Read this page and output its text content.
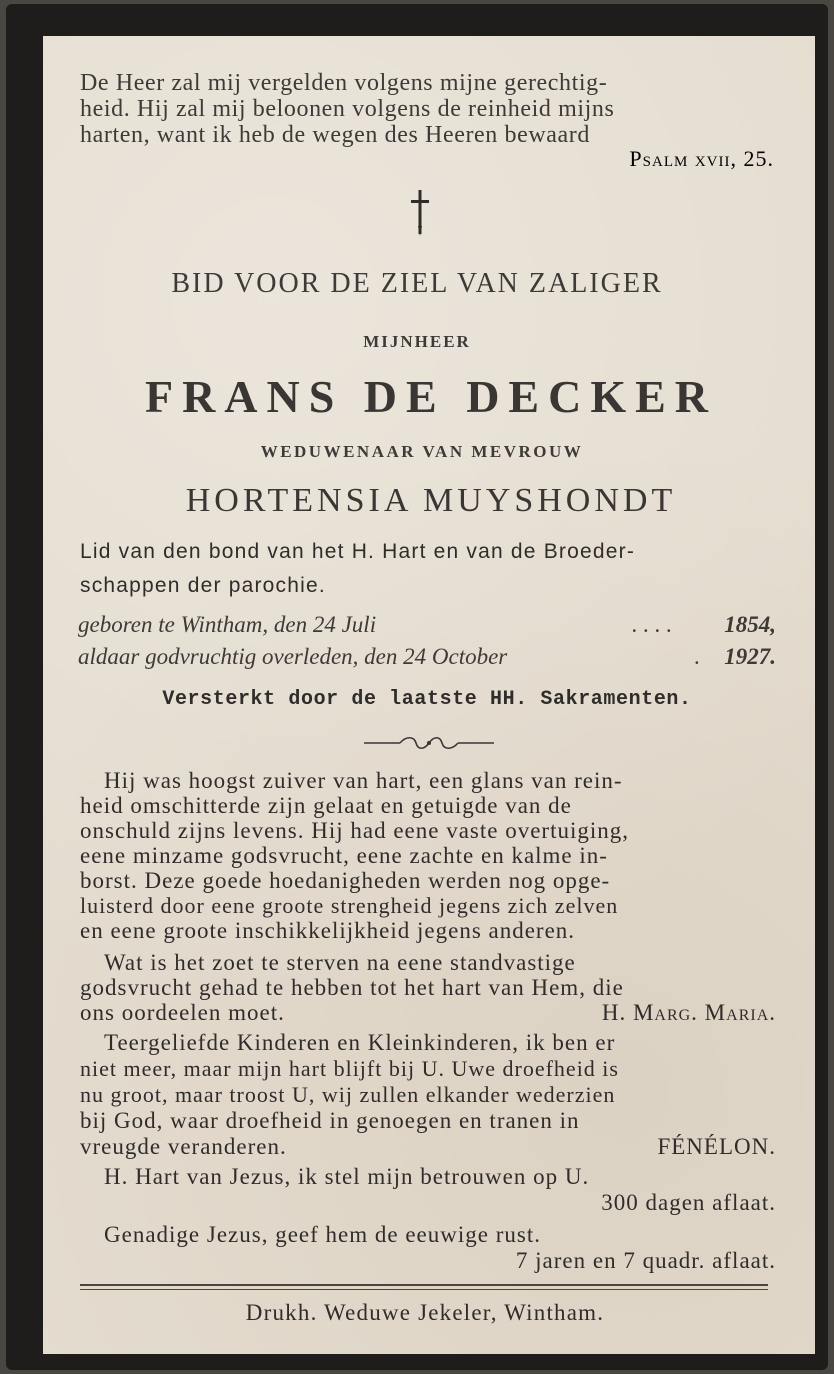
De Heer zal mij vergelden volgens mijne gerechtig-
heid. Hij zal mij beloonen volgens de reinheid mijns
harten, want ik heb de wegen des Heeren bewaard
Psalm xvii, 25.
BID VOOR DE ZIEL VAN ZALIGER
MIJNHEER
FRANS DE DECKER
WEDUWENAAR VAN MEVROUW
HORTENSIA MUYSHONDT
Lid van den bond van het H. Hart en van de Broeder-
schappen der parochie.
geboren te Wintham, den 24 Juli	. . . . 1854,
aldaar godvruchtig overleden, den 24 October	. 1927.
Versterkt door de laatste HH. Sakramenten.
Hij was hoogst zuiver van hart, een glans van rein-
heid omschitterde zijn gelaat en getuigde van de
onschuld zijns levens. Hij had eene vaste overtuiging,
eene minzame godsvrucht, eene zachte en kalme in-
borst. Deze goede hoedanigheden werden nog opge-
luisterd door eene groote strengheid jegens zich zelven
en eene groote inschikkelijkheid jegens anderen.
Wat is het zoet te sterven na eene standvastige
godsvrucht gehad te hebben tot het hart van Hem, die
ons oordeelen moet.	H. Marg. Maria.
Teergeliefde Kinderen en Kleinkinderen, ik ben er
niet meer, maar mijn hart blijft bij U. Uwe droefheid is
nu groot, maar troost U, wij zullen elkander wederzien
bij God, waar droefheid in genoegen en tranen in
vreugde veranderen.	FÉNÉLON.
H. Hart van Jezus, ik stel mijn betrouwen op U.
300 dagen aflaat.
Genadige Jezus, geef hem de eeuwige rust.
7 jaren en 7 quadr. aflaat.
Drukh. Weduwe Jekeler, Wintham.
